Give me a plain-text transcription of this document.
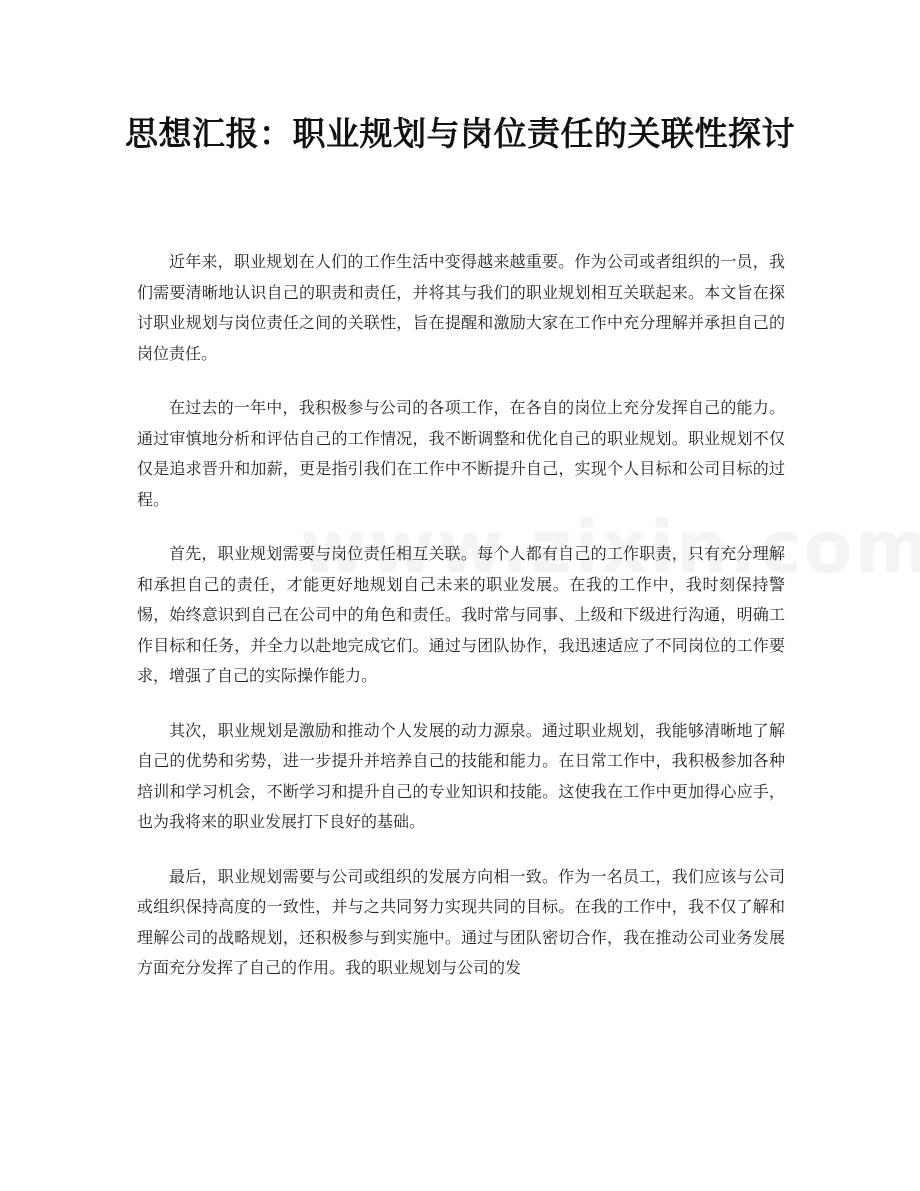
思想汇报：职业规划与岗位责任的关联性探讨

近年来，职业规划在人们的工作生活中变得越来越重要。作为公司或者组织的一员，我们需要清晰地认识自己的职责和责任，并将其与我们的职业规划相互关联起来。本文旨在探讨职业规划与岗位责任之间的关联性，旨在提醒和激励大家在工作中充分理解并承担自己的岗位责任。

在过去的一年中，我积极参与公司的各项工作，在各自的岗位上充分发挥自己的能力。通过审慎地分析和评估自己的工作情况，我不断调整和优化自己的职业规划。职业规划不仅仅是追求晋升和加薪，更是指引我们在工作中不断提升自己，实现个人目标和公司目标的过程。

首先，职业规划需要与岗位责任相互关联。每个人都有自己的工作职责，只有充分理解和承担自己的责任，才能更好地规划自己未来的职业发展。在我的工作中，我时刻保持警惕，始终意识到自己在公司中的角色和责任。我时常与同事、上级和下级进行沟通，明确工作目标和任务，并全力以赴地完成它们。通过与团队协作，我迅速适应了不同岗位的工作要求，增强了自己的实际操作能力。

其次，职业规划是激励和推动个人发展的动力源泉。通过职业规划，我能够清晰地了解自己的优势和劣势，进一步提升并培养自己的技能和能力。在日常工作中，我积极参加各种培训和学习机会，不断学习和提升自己的专业知识和技能。这使我在工作中更加得心应手，也为我将来的职业发展打下良好的基础。

最后，职业规划需要与公司或组织的发展方向相一致。作为一名员工，我们应该与公司或组织保持高度的一致性，并与之共同努力实现共同的目标。在我的工作中，我不仅了解和理解公司的战略规划，还积极参与到实施中。通过与团队密切合作，我在推动公司业务发展方面充分发挥了自己的作用。我的职业规划与公司的发
